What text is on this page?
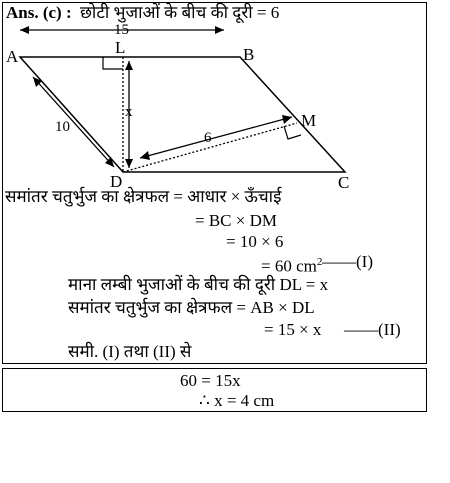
Ans. (c) : छोटी भुजाओं के बीच की दूरी = 6
A	B
C
D
L
M
15
10
x
6
समांतर चतुर्भुज का क्षेत्रफल = आधार × ऊँचाई
= BC × DM
= 10 × 6
= 60 $cm^2$ ——(I)
माना लम्बी भुजाओं के बीच की दूरी DL = x
समांतर चतुर्भुज का क्षेत्रफल = AB × DL
= 15 × x ——(II)
समी. (I) तथा (II) से
60 = 15x
∴ x = 4 cm
